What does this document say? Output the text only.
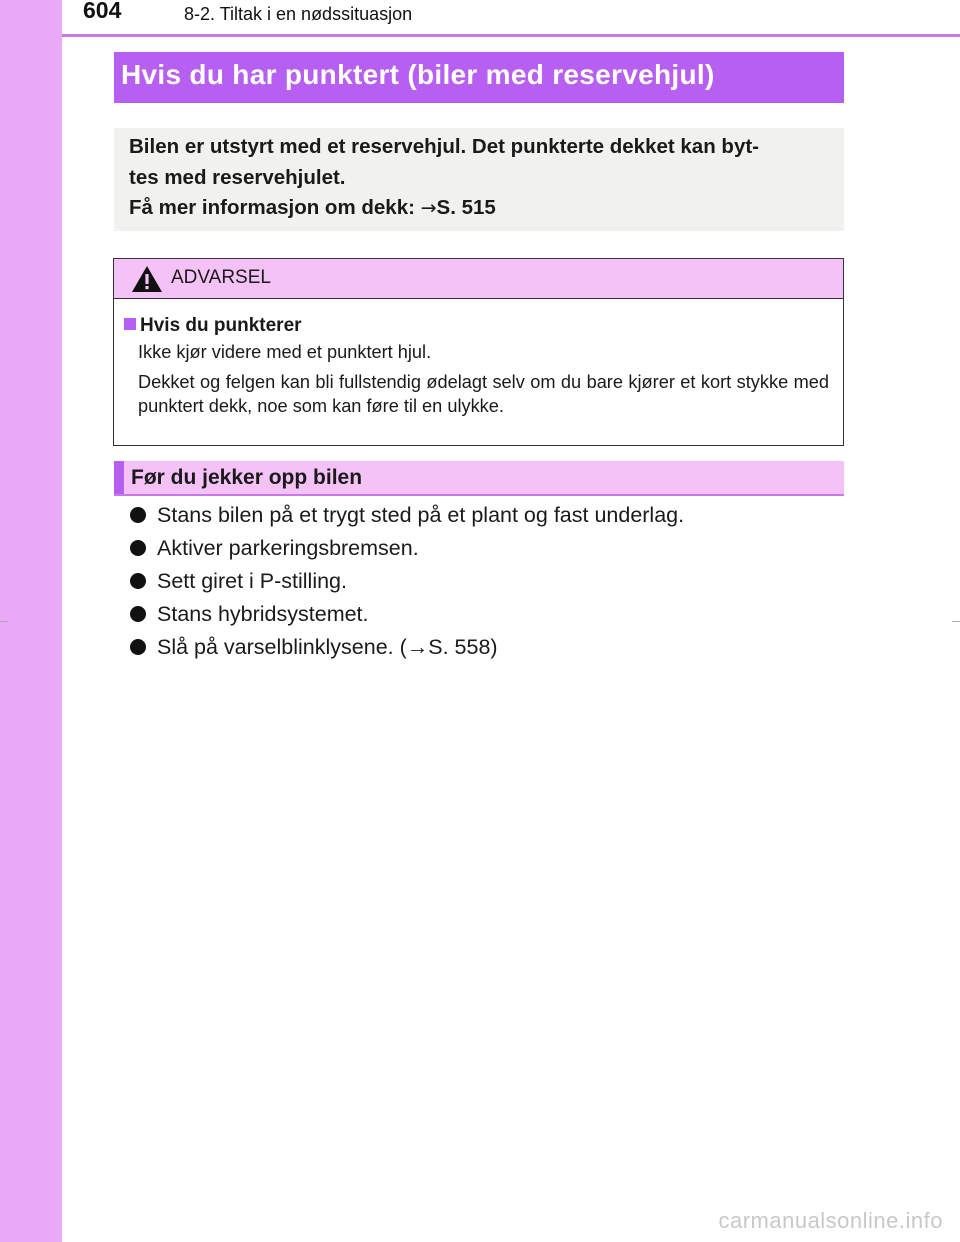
604	8-2. Tiltak i en nødssituasjon
Hvis du har punktert (biler med reservehjul)

Bilen er utstyrt med et reservehjul. Det punkterte dekket kan byt-

tes med reservehjulet.

Få mer informasjon om dekk: →S. 515

ADVARSEL
Hvis du punkterer

Ikke kjør videre med et punktert hjul.

Dekket og felgen kan bli fullstendig ødelagt selv om du bare kjører et kort stykke med punktert dekk, noe som kan føre til en ulykke.

Før du jekker opp bilen
Stans bilen på et trygt sted på et plant og fast underlag.
Aktiver parkeringsbremsen.
Sett giret i P-stilling.
Stans hybridsystemet.
Slå på varselblinklysene. (→S. 558)
carmanualsonline.info
